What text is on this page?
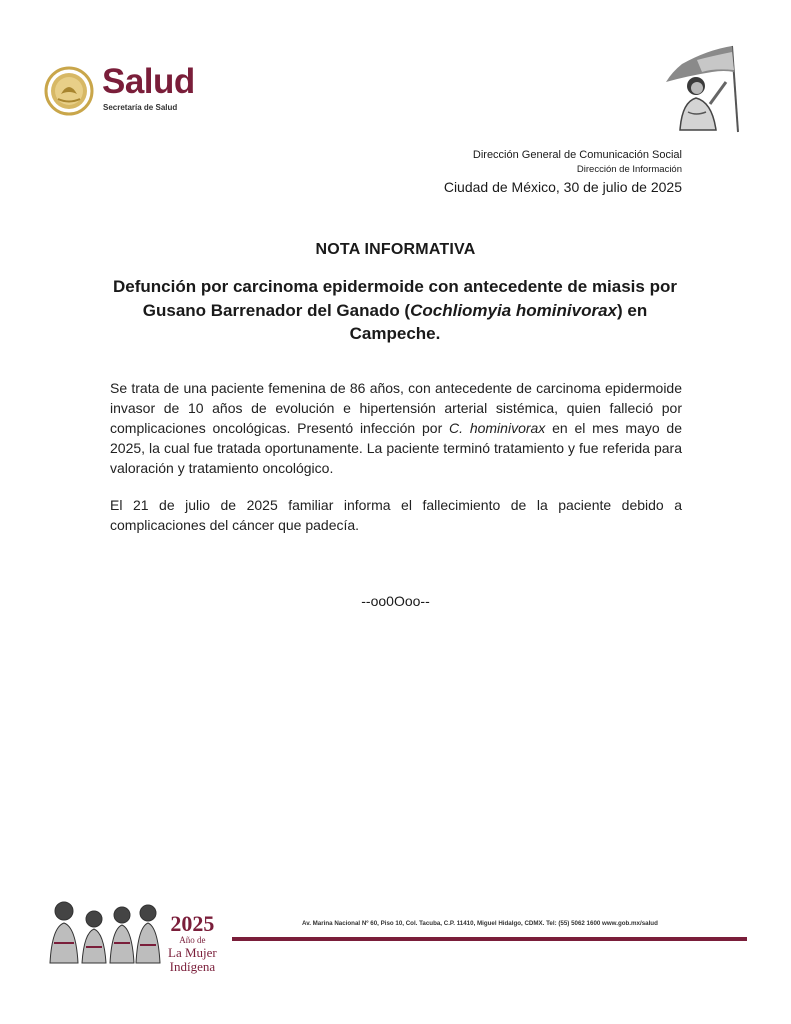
Salud
Secretaría de Salud
Dirección General de Comunicación Social
Dirección de Información
Ciudad de México, 30 de julio de 2025
NOTA INFORMATIVA
Defunción por carcinoma epidermoide con antecedente de miasis por Gusano Barrenador del Ganado (Cochliomyia hominivorax) en Campeche.
Se trata de una paciente femenina de 86 años, con antecedente de carcinoma epidermoide invasor de 10 años de evolución e hipertensión arterial sistémica, quien falleció por complicaciones oncológicas. Presentó infección por C. hominivorax en el mes mayo de 2025, la cual fue tratada oportunamente. La paciente terminó tratamiento y fue referida para valoración y tratamiento oncológico.
El 21 de julio de 2025 familiar informa el fallecimiento de la paciente debido a complicaciones del cáncer que padecía.
--oo0Ooo--
2025
Año de
La Mujer
Indígena
Av. Marina Nacional Nº 60, Piso 10, Col. Tacuba, C.P. 11410, Miguel Hidalgo, CDMX. Tel: (55) 5062 1600 www.gob.mx/salud
